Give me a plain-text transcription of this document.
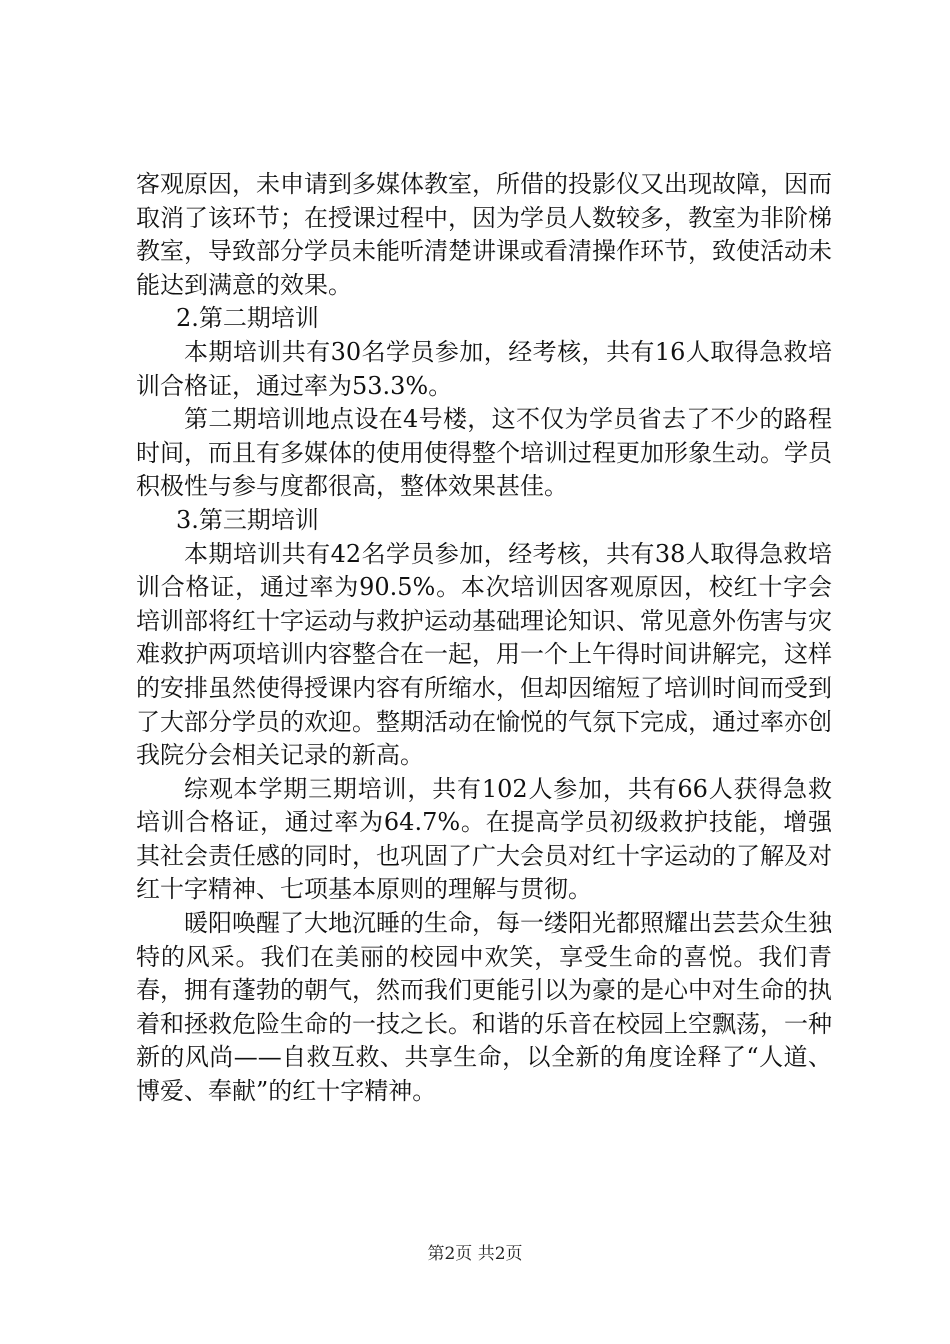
客观原因，未申请到多媒体教室，所借的投影仪又出现故障，因而取消了该环节；在授课过程中，因为学员人数较多，教室为非阶梯教室，导致部分学员未能听清楚讲课或看清操作环节，致使活动未能达到满意的效果。

2.第二期培训

本期培训共有30名学员参加，经考核，共有16人取得急救培训合格证，通过率为53.3%。

第二期培训地点设在4号楼，这不仅为学员省去了不少的路程时间，而且有多媒体的使用使得整个培训过程更加形象生动。学员积极性与参与度都很高，整体效果甚佳。

3.第三期培训

本期培训共有42名学员参加，经考核，共有38人取得急救培训合格证，通过率为90.5%。本次培训因客观原因，校红十字会培训部将红十字运动与救护运动基础理论知识、常见意外伤害与灾难救护两项培训内容整合在一起，用一个上午得时间讲解完，这样的安排虽然使得授课内容有所缩水，但却因缩短了培训时间而受到了大部分学员的欢迎。整期活动在愉悦的气氛下完成，通过率亦创我院分会相关记录的新高。

综观本学期三期培训，共有102人参加，共有66人获得急救培训合格证，通过率为64.7%。在提高学员初级救护技能，增强其社会责任感的同时，也巩固了广大会员对红十字运动的了解及对红十字精神、七项基本原则的理解与贯彻。

暖阳唤醒了大地沉睡的生命，每一缕阳光都照耀出芸芸众生独特的风采。我们在美丽的校园中欢笑，享受生命的喜悦。我们青春，拥有蓬勃的朝气，然而我们更能引以为豪的是心中对生命的执着和拯救危险生命的一技之长。和谐的乐音在校园上空飘荡，一种新的风尚——自救互救、共享生命，以全新的角度诠释了“人道、博爱、奉献”的红十字精神。

第2页 共2页
